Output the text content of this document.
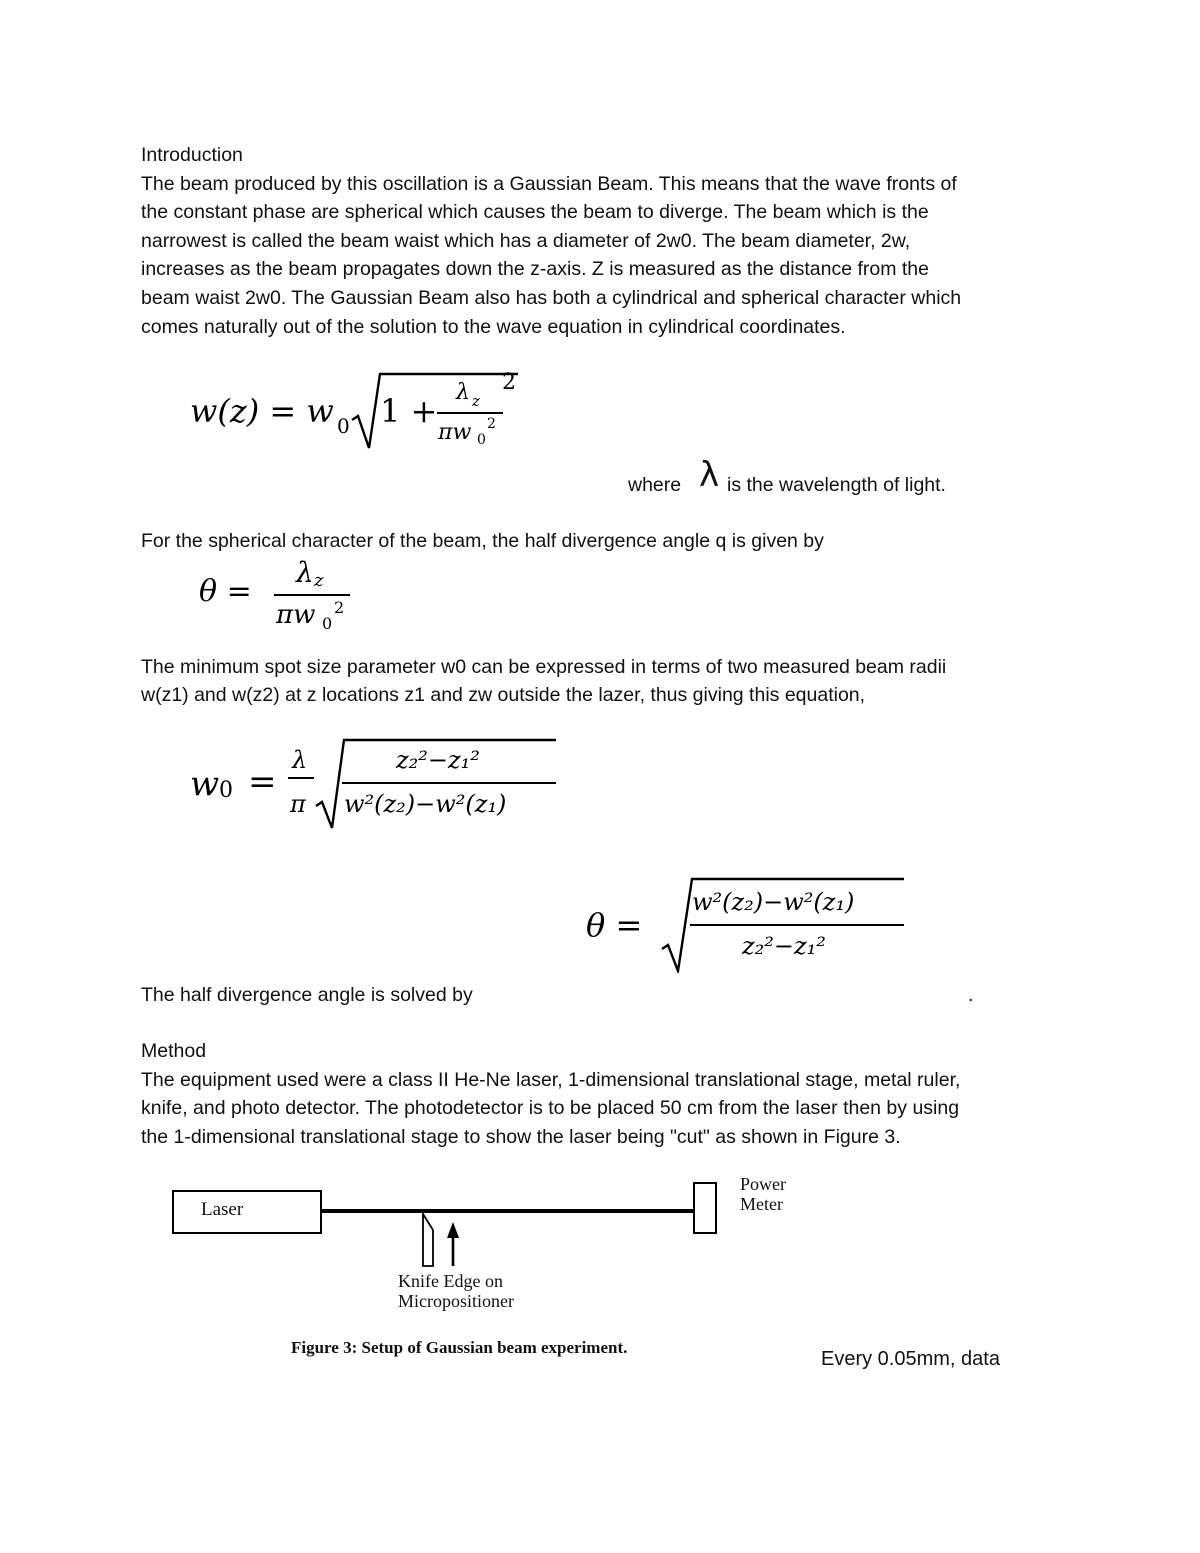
Introduction
The beam produced by this oscillation is a Gaussian Beam. This means that the wave fronts of
the constant phase are spherical which causes the beam to diverge. The beam which is the
narrowest is called the beam waist which has a diameter of 2w0. The beam diameter, 2w,
increases as the beam propagates down the z-axis. Z is measured as the distance from the
beam waist 2w0. The Gaussian Beam also has both a cylindrical and spherical character which
comes naturally out of the solution to the wave equation in cylindrical coordinates.
w(z) = w 0 1 + λ z
πw 0
2
2
where λ is the wavelength of light.
For the spherical character of the beam, the half divergence angle q is given by
θ =
λ z
πw 0
2
The minimum spot size parameter w0 can be expressed in terms of two measured beam radii
w(z1) and w(z2) at z locations z1 and zw outside the lazer, thus giving this equation,
w 0 =
λ
π
z₂²−z₁²
w²(z₂)−w²(z₁)
θ =
w²(z₂)−w²(z₁)
z₂²−z₁²
The half divergence angle is solved by	.
Method
The equipment used were a class II He-Ne laser, 1-dimensional translational stage, metal ruler,
knife, and photo detector. The photodetector is to be placed 50 cm from the laser then by using
the 1-dimensional translational stage to show the laser being "cut" as shown in Figure 3.
Laser
Power
Meter
Knife Edge on
Micropositioner
Figure 3: Setup of Gaussian beam experiment.
Every 0.05mm, data
